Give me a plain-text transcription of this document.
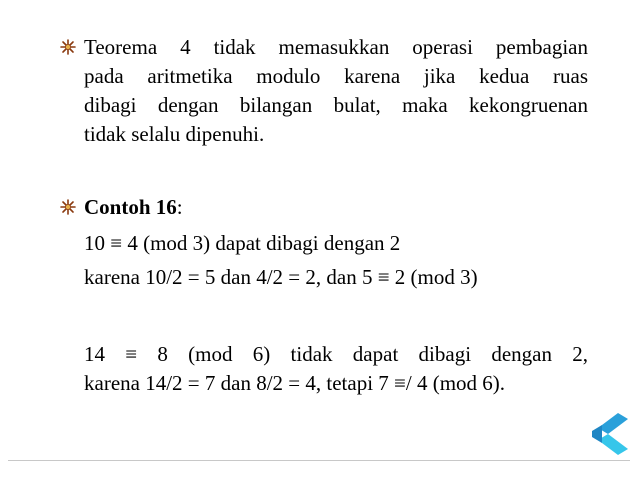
Teorema 4 tidak memasukkan operasi pembagian
pada aritmetika modulo karena jika kedua ruas
dibagi dengan bilangan bulat, maka kekongruenan
tidak selalu dipenuhi.
Contoh 16:
10 ≡ 4 (mod 3) dapat dibagi dengan 2
karena 10/2 = 5 dan 4/2 = 2, dan 5 ≡ 2 (mod 3)
14 ≡ 8 (mod 6) tidak dapat dibagi dengan 2,
karena 14/2 = 7 dan 8/2 = 4, tetapi 7 ≡/ 4 (mod 6).
